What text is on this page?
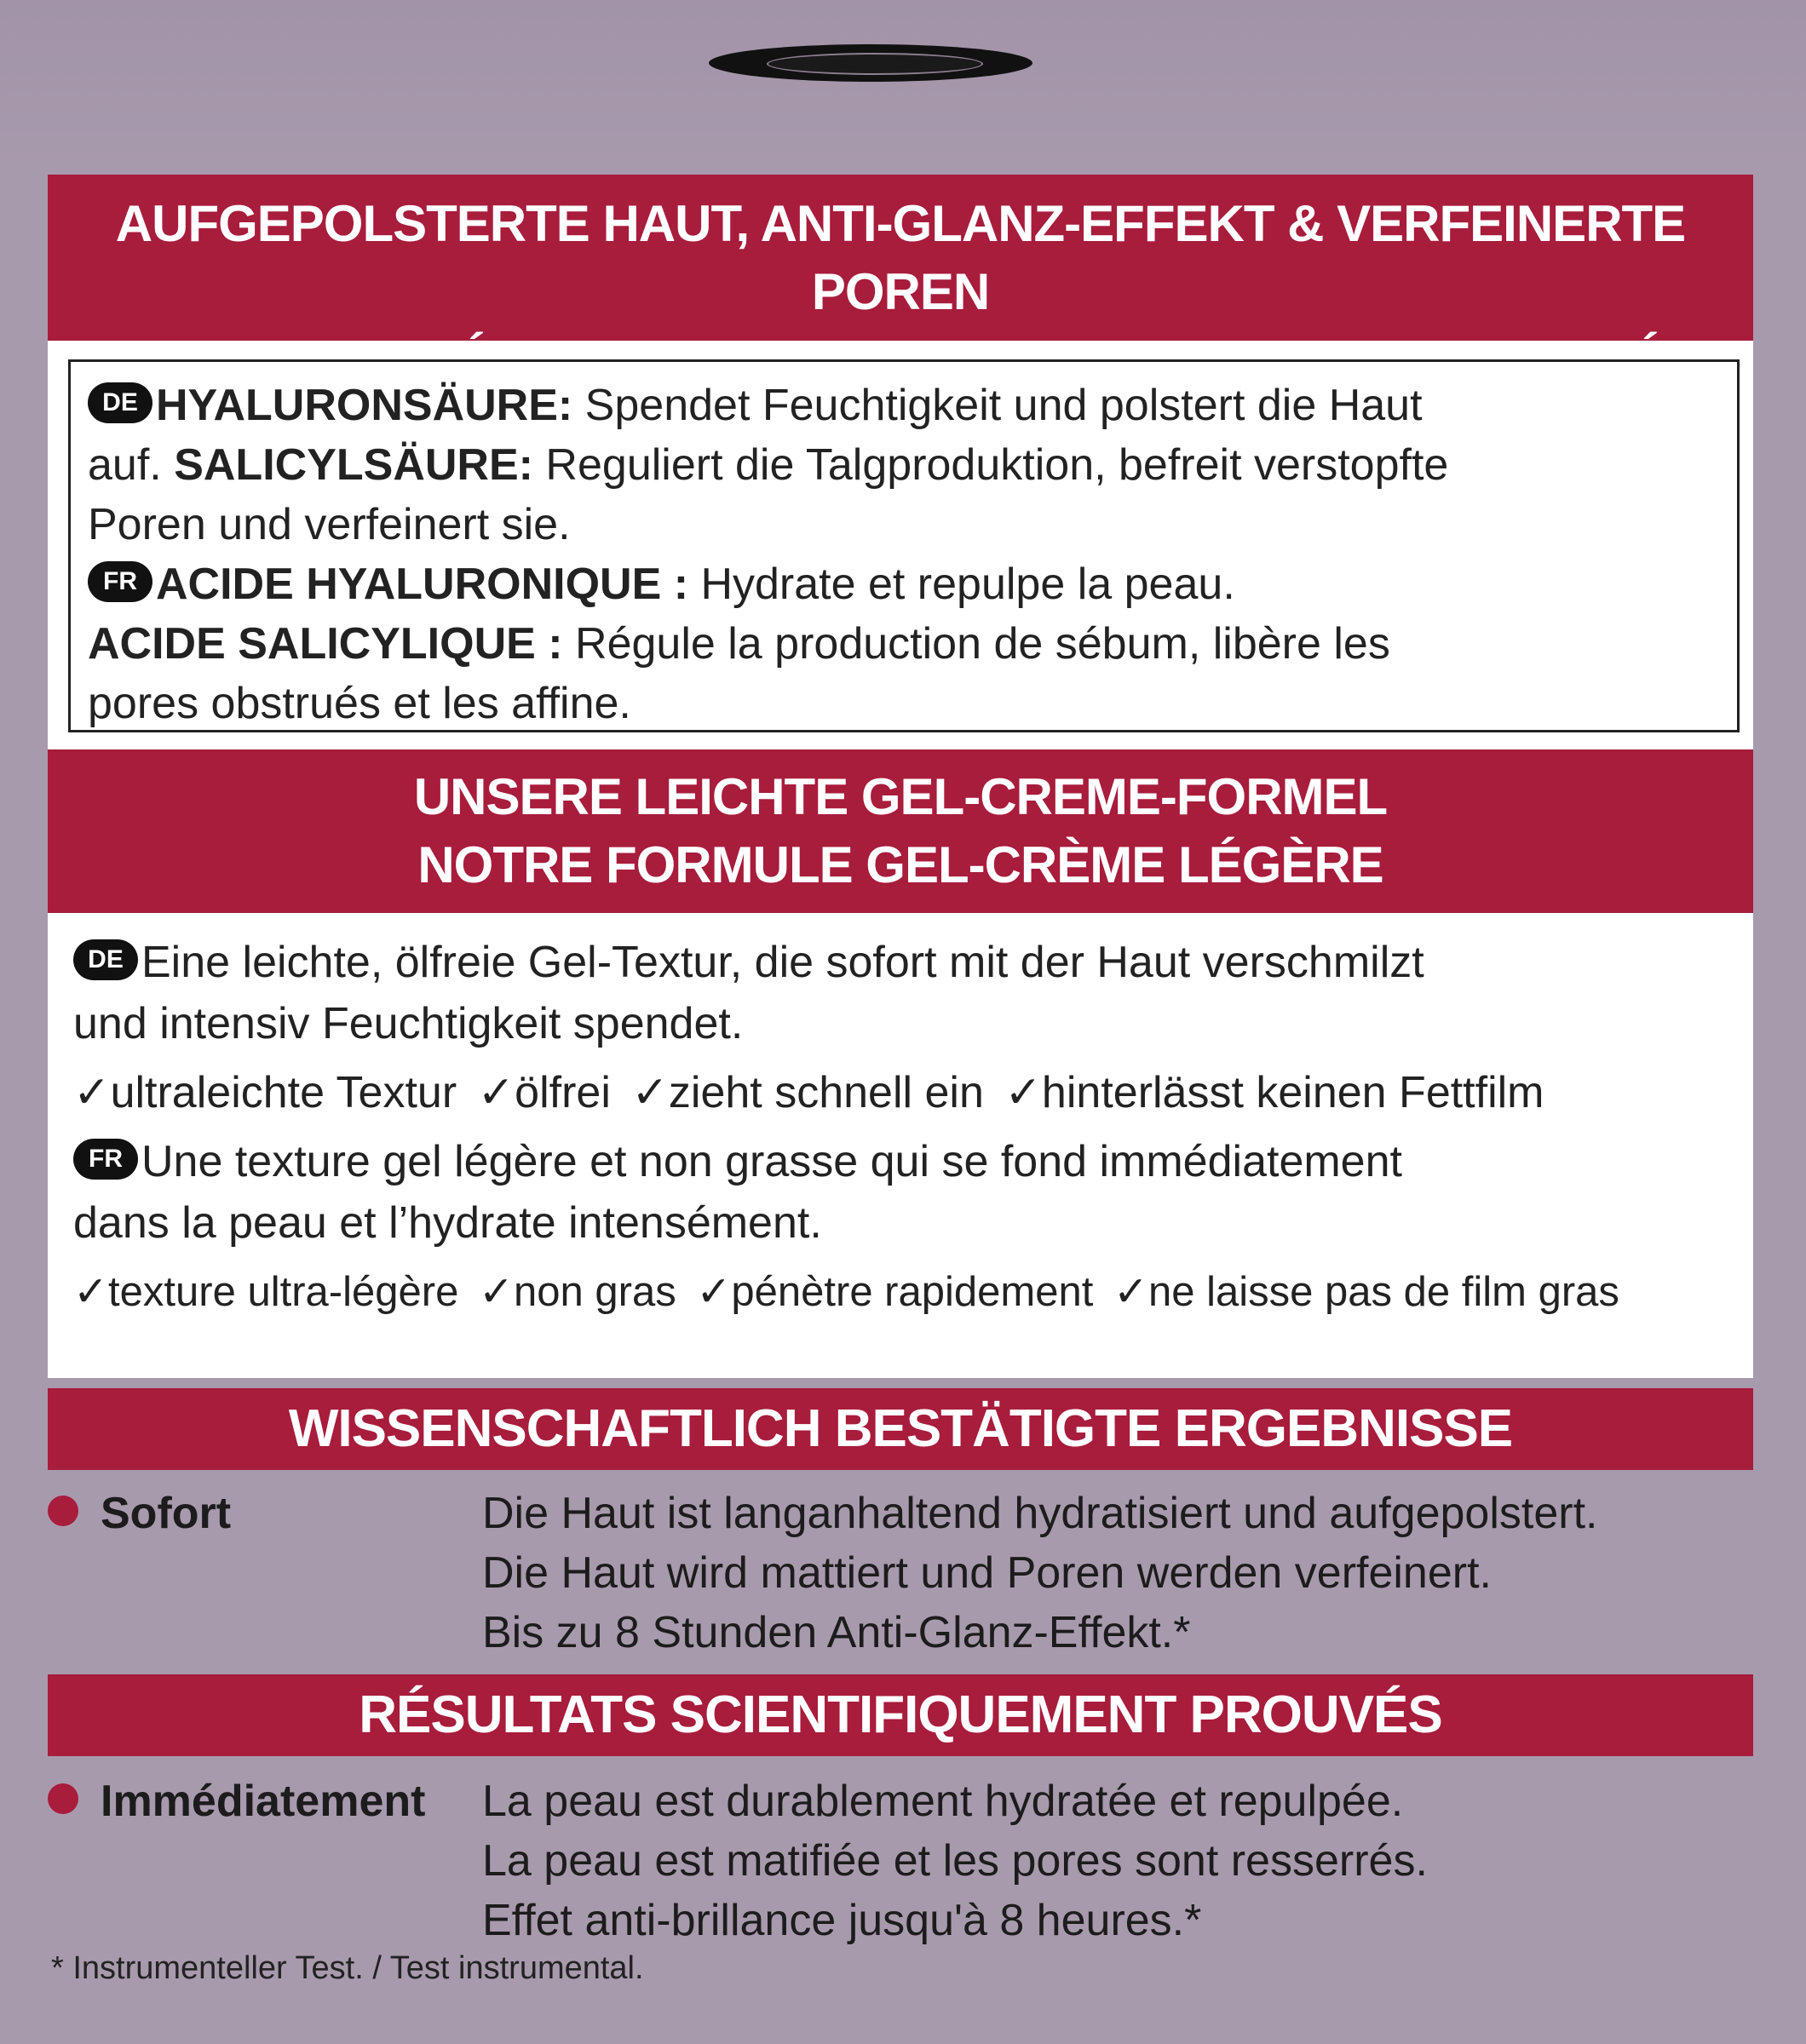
AUFGEPOLSTERTE HAUT, ANTI-GLANZ-EFFEKT & VERFEINERTE POREN
DE HYALURONSÄURE: Spendet Feuchtigkeit und polstert die Haut
auf. SALICYLSÄURE: Reguliert die Talgproduktion, befreit verstopfte
Poren und verfeinert sie.
FR ACIDE HYALURONIQUE : Hydrate et repulpe la peau.
ACIDE SALICYLIQUE : Régule la production de sébum, libère les
pores obstrués et les affine.
UNSERE LEICHTE GEL-CREME-FORMEL
NOTRE FORMULE GEL-CRÈME LÉGÈRE
DE Eine leichte, ölfreie Gel-Textur, die sofort mit der Haut verschmilzt
und intensiv Feuchtigkeit spendet.
✓ultraleichte Textur ✓ölfrei ✓zieht schnell ein ✓hinterlässt keinen Fettfilm
FR Une texture gel légère et non grasse qui se fond immédiatement
dans la peau et l’hydrate intensément.
✓texture ultra-légère ✓non gras ✓pénètre rapidement ✓ne laisse pas de film gras
WISSENSCHAFTLICH BESTÄTIGTE ERGEBNISSE
Sofort	Die Haut ist langanhaltend hydratisiert und aufgepolstert.
Die Haut wird mattiert und Poren werden verfeinert.
Bis zu 8 Stunden Anti-Glanz-Effekt.*
RÉSULTATS SCIENTIFIQUEMENT PROUVÉS
Immédiatement La peau est durablement hydratée et repulpée.
La peau est matifiée et les pores sont resserrés.
Effet anti-brillance jusqu'à 8 heures.*
* Instrumenteller Test. / Test instrumental.
